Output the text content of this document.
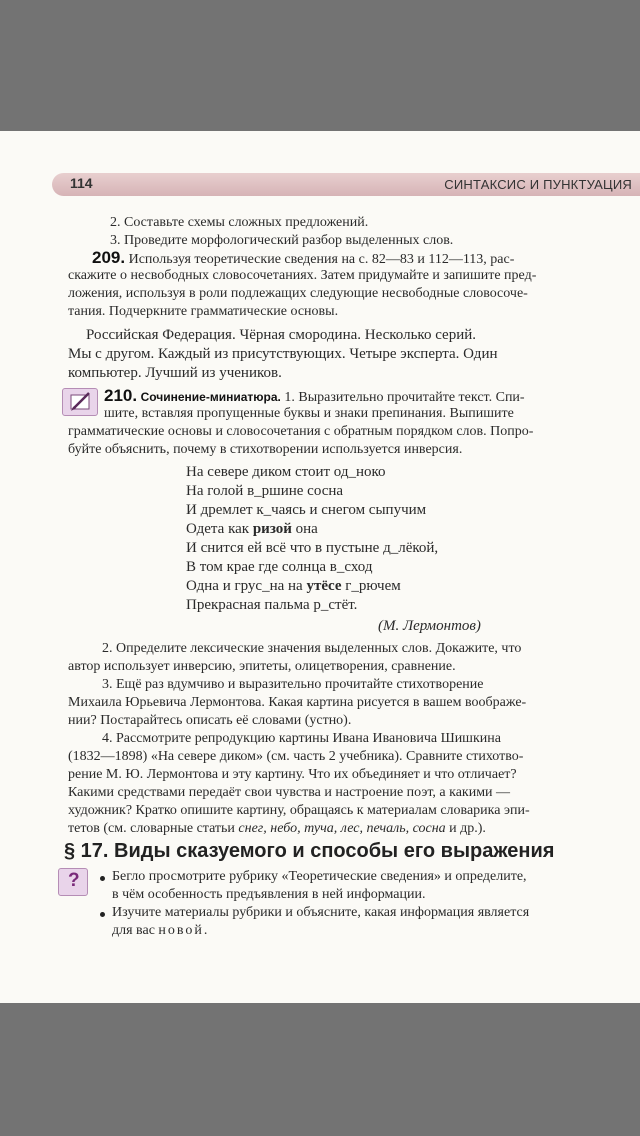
114	СИНТАКСИС И ПУНКТУАЦИЯ
2. Составьте схемы сложных предложений.
3. Проведите морфологический разбор выделенных слов.
209. Используя теоретические сведения на с. 82—83 и 112—113, рас-
скажите о несвободных словосочетаниях. Затем придумайте и запишите пред-
ложения, используя в роли подлежащих следующие несвободные словосоче-
тания. Подчеркните грамматические основы.
Российская Федерация. Чёрная смородина. Несколько серий.
Мы с другом. Каждый из присутствующих. Четыре эксперта. Один
компьютер. Лучший из учеников.
210. Сочинение-миниатюра. 1. Выразительно прочитайте текст. Спи-
шите, вставляя пропущенные буквы и знаки препинания. Выпишите
грамматические основы и словосочетания с обратным порядком слов. Попро-
буйте объяснить, почему в стихотворении используется инверсия.
На севере диком стоит од_ноко
На голой в_ршине сосна
И дремлет к_чаясь и снегом сыпучим
Одета как ризой она
И снится ей всё что в пустыне д_лёкой,
В том крае где солнца в_сход
Одна и грус_на на утёсе г_рючем
Прекрасная пальма р_стёт.
(М. Лермонтов)
2. Определите лексические значения выделенных слов. Докажите, что
автор использует инверсию, эпитеты, олицетворения, сравнение.
3. Ещё раз вдумчиво и выразительно прочитайте стихотворение
Михаила Юрьевича Лермонтова. Какая картина рисуется в вашем воображе-
нии? Постарайтесь описать её словами (устно).
4. Рассмотрите репродукцию картины Ивана Ивановича Шишкина
(1832—1898) «На севере диком» (см. часть 2 учебника). Сравните стихотво-
рение М. Ю. Лермонтова и эту картину. Что их объединяет и что отличает?
Какими средствами передаёт свои чувства и настроение поэт, а какими —
художник? Кратко опишите картину, обращаясь к материалам словарика эпи-
тетов (см. словарные статьи снег, небо, туча, лес, печаль, сосна и др.).
§ 17. Виды сказуемого и способы его выражения
? Бегло просмотрите рубрику «Теоретические сведения» и определите,
в чём особенность предъявления в ней информации.
Изучите материалы рубрики и объясните, какая информация является
для вас новой.
